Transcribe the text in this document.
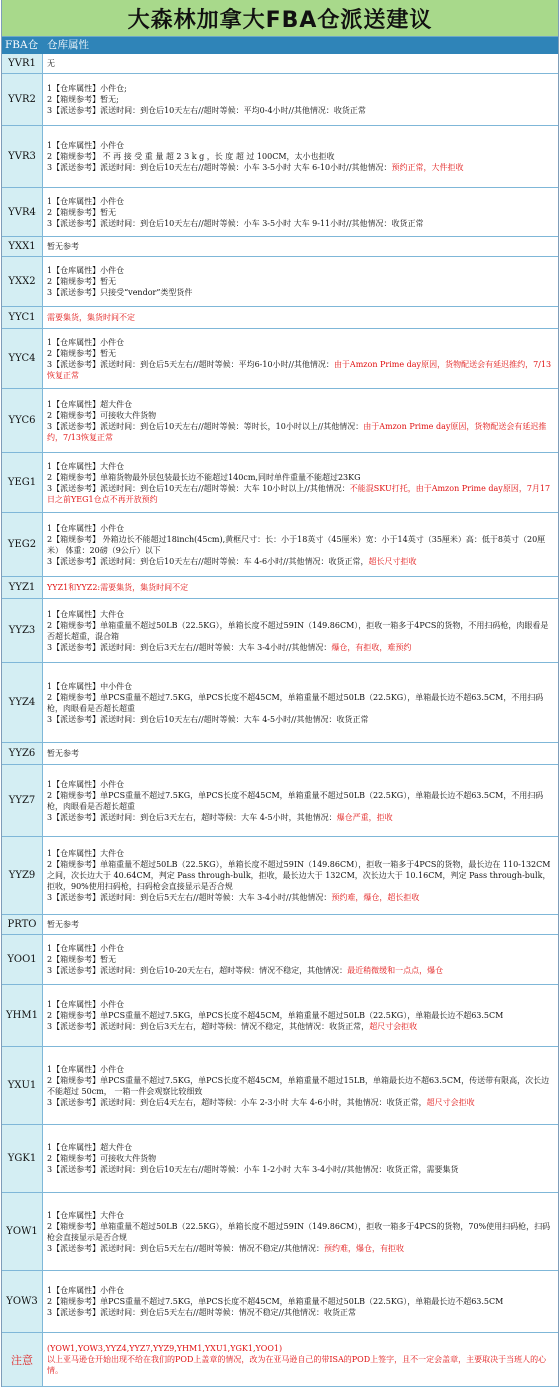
大森林加拿大FBA仓派送建议
FBA仓 仓库属性
YVR1	无
YVR2
1【仓库属性】小件仓;
2【箱规参考】暂无;
3【派送参考】派送时间：到仓后10天左右//超时等候：平均0-4小时//其他情况：收货正常
YVR3
1【仓库属性】小件仓
2【箱规参考】 不 再 接 受 重 量 超 2 3 k g ，长 度 超 过 100CM，太小也拒收
3【派送参考】派送时间：到仓后10天左右//超时等候：小车 3-5小时 大车 6-10小时//其他情况：预约正常，大件拒收
YVR4
1【仓库属性】小件仓
2【箱规参考】暂无
3【派送参考】派送时间：到仓后10天左右//超时等候：小车 3-5小时 大车 9-11小时//其他情况：收货正常
YXX1	暂无参考
YXX2
1【仓库属性】小件仓
2【箱规参考】暂无
3【派送参考】只接受“vendor”类型货件
YYC1	需要集货，集货时间不定
YYC4
1【仓库属性】小件仓
2【箱规参考】暂无
3【派送参考】派送时间：到仓后5天左右//超时等候：平均6-10小时//其他情况：由于Amzon Prime day原因，货物配送会有延迟推约，7/13恢复正常
YYC6
1【仓库属性】超大件仓
2【箱规参考】可接收大件货物
3【派送参考】派送时间：到仓后10天左右//超时等候：等时长，10小时以上//其他情况：由于Amzon Prime day原因，货物配送会有延迟推约，7/13恢复正常
YEG1
1【仓库属性】大件仓
2【箱规参考】单箱货物最外层包装最长边不能超过140cm,同时单件重量不能超过23KG
3【派送参考】派送时间：到仓后10天左右//超时等候：大车 10小时以上//其他情况：不能混SKU打托，由于Amzon Prime day原因，7月17日之前YEG1仓点不再开放预约
YEG2
1【仓库属性】小件仓
2【箱规参考】 外箱边长不能超过18inch(45cm),黄框尺寸：长：小于18英寸（45厘米）宽：小于14英寸（35厘米）高：低于8英寸（20厘米） 体重：20磅（9公斤）以下
3【派送参考】派送时间：到仓后10天左右//超时等候：车 4-6小时//其他情况：收货正常，超长尺寸拒收
YYZ1	YYZ1和YYZ2:需要集货，集货时间不定
YYZ3
1【仓库属性】大件仓
2【箱规参考】单箱重量不超过50LB（22.5KG），单箱长度不超过59IN（149.86CM），拒收一箱多于4PCS的货物，不用扫码枪，肉眼看是否超长超重，混合箱
3【派送参考】派送时间：到仓后3天左右//超时等候：大车 3-4小时//其他情况：爆仓，有拒收，难预约
YYZ4
1【仓库属性】中小件仓
2【箱规参考】单PCS重量不超过7.5KG，单PCS长度不超45CM，单箱重量不超过50LB（22.5KG），单箱最长边不超63.5CM，不用扫码枪，肉眼看是否超长超重
3【派送参考】派送时间：到仓后10天左右//超时等候：大车 4-5小时//其他情况：收货正常
YYZ6	暂无参考
YYZ7
1【仓库属性】小件仓
2【箱规参考】单PCS重量不超过7.5KG，单PCS长度不超45CM，单箱重量不超过50LB（22.5KG），单箱最长边不超63.5CM，不用扫码枪，肉眼看是否超长超重
3【派送参考】派送时间：到仓后3天左右，超时等候：大车 4-5小时，其他情况：爆仓严重，拒收
YYZ9
1【仓库属性】大件仓
2【箱规参考】单箱重量不超过50LB（22.5KG），单箱长度不超过59IN（149.86CM），拒收一箱多于4PCS的货物，最长边在 110-132CM 之间，次长边大于 40.64CM，判定 Pass through-bulk，拒收，最长边大于 132CM，次长边大于 10.16CM，判定 Pass through-bulk，拒收，90%使用扫码枪，扫码枪会直接显示是否合规
3【派送参考】派送时间：到仓后5天左右//超时等候：大车 3-4小时//其他情况：预约难，爆仓，超长拒收
PRTO	暂无参考
YOO1
1【仓库属性】小件仓
2【箱规参考】暂无
3【派送参考】派送时间：到仓后10-20天左右，超时等候：情况不稳定，其他情况：最近稍微缓和一点点，爆仓
YHM1
1【仓库属性】小件仓
2【箱规参考】单PCS重量不超过7.5KG，单PCS长度不超45CM，单箱重量不超过50LB（22.5KG），单箱最长边不超63.5CM
3【派送参考】派送时间：到仓后3天左右，超时等候：情况不稳定，其他情况：收货正常，超尺寸会拒收
YXU1
1【仓库属性】小件仓
2【箱规参考】单PCS重量不超过7.5KG，单PCS长度不超45CM，单箱重量不超过15LB，单箱最长边不超63.5CM，传送带有限高，次长边不能超过 50cm， 一箱一件会观察比较细致
3【派送参考】派送时间：到仓后4天左右，超时等候：小车 2-3小时 大车 4-6小时，其他情况：收货正常，超尺寸会拒收
YGK1
1【仓库属性】超大件仓
2【箱规参考】可接收大件货物
3【派送参考】派送时间：到仓后10天左右//超时等候：小车 1-2小时 大车 3-4小时//其他情况：收货正常，需要集货
YOW1
1【仓库属性】大件仓
2【箱规参考】单箱重量不超过50LB（22.5KG），单箱长度不超过59IN（149.86CM），拒收一箱多于4PCS的货物，70%使用扫码枪，扫码枪会直接显示是否合规
3【派送参考】派送时间：到仓后5天左右//超时等候：情况不稳定//其他情况：预约难，爆仓，有拒收
YOW3
1【仓库属性】小件仓
2【箱规参考】单PCS重量不超过7.5KG，单PCS长度不超45CM，单箱重量不超过50LB（22.5KG），单箱最长边不超63.5CM
3【派送参考】派送时间：到仓后5天左右//超时等候：情况不稳定//其他情况：收货正常
注意
(YOW1,YOW3,YYZ4,YYZ7,YYZ9,YHM1,YXU1,YGK1,YOO1)
以上亚马逊仓开始出现不给在我们的POD上盖章的情况，改为在亚马逊自己的带ISA的POD上签字，且不一定会盖章，主要取决于当班人的心情。
